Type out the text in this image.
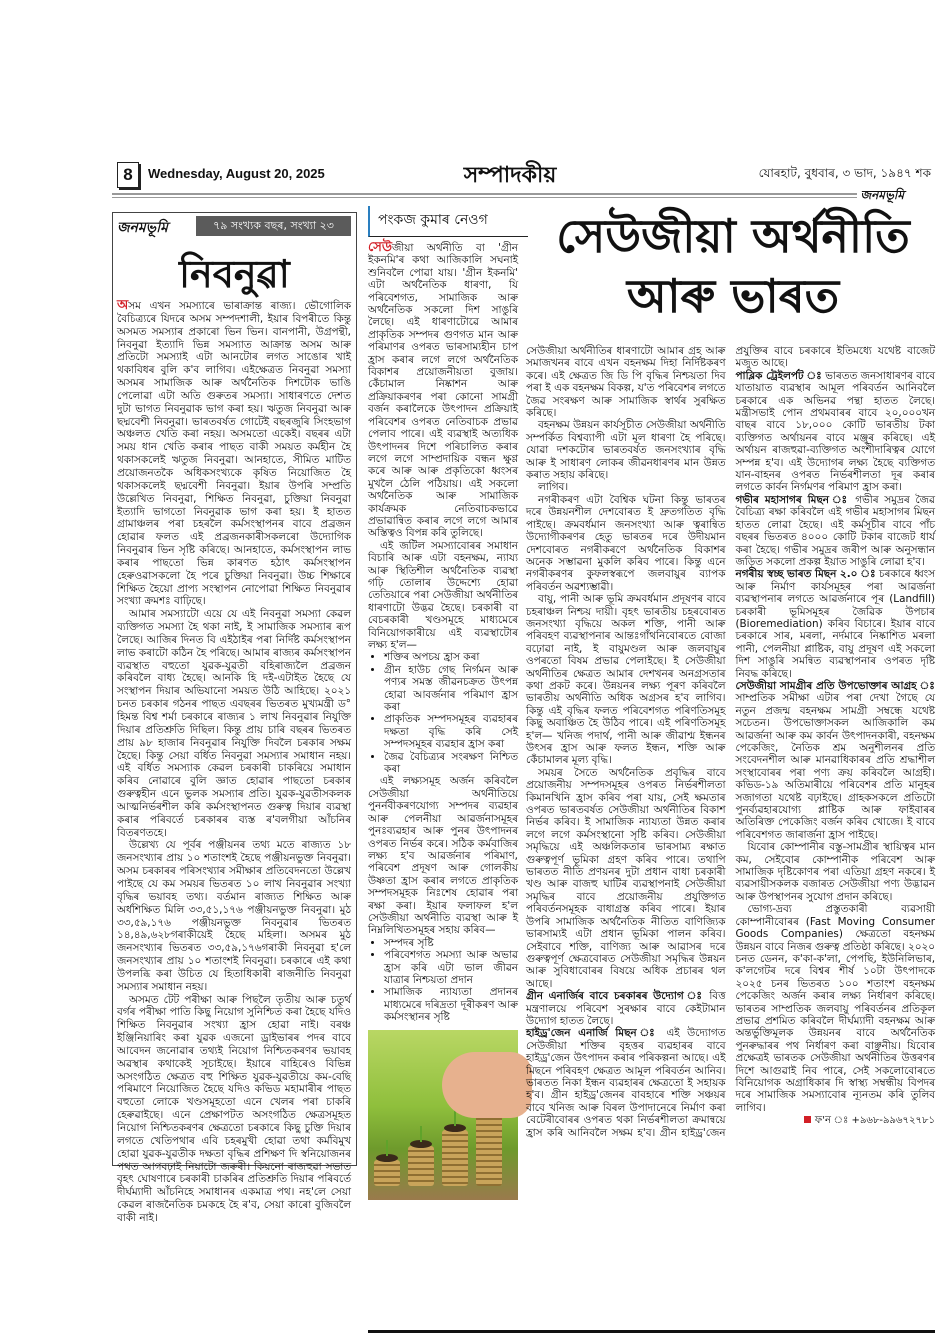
8	Wednesday, August 20, 2025	সম্পাদকীয়	যোৰহাট, বুধবাৰ, ৩ ভাদ, ১৯৪৭ শক
জনমভূমি
জনমভূমি	৭৯ সংখ্যক বছৰ, সংখ্যা ২৩
নিবনুৱা

অসম এখন সমস্যাৰে ভাৰাক্ৰান্ত ৰাজ্য। ভৌগোলিক বৈচিত্ৰ্যৰে যিদৰে অসম সম্পদশালী, ইয়াৰ বিপৰীতে কিন্তু অসমত সমস্যাৰ প্ৰকাৰো ভিন ভিন। বানপানী, উগ্ৰপন্থী, নিবনুৱা ইত্যাদি ভিন্ন সমস্যাত আক্ৰান্ত অসম আৰু প্ৰতিটো সমস্যাই এটা আনটোৰ লগত সাঙোৰ খাই থকাবিধৰ বুলি ক'ব লাগিব। এইক্ষেত্ৰত নিবনুৱা সমস্যা অসমৰ সামাজিক আৰু অৰ্থনৈতিক দিশটোক ভাঙি পেলোৱা এটা অতি গুৰুতৰ সমস্যা। সাধাৰণতে দেশত দুটা ভাগত নিবনুৱাক ভাগ কৰা হয়। ঋতুজ নিবনুৱা আৰু ছদ্মবেশী নিবনুৱা। ভাৰতবৰ্ষত গোটেই বছৰজুৰি সিংহভাগ অঞ্চলত খেতি কৰা নহয়। অসমতো একেই। বছৰৰ এটা সময় ধান খেতি কৰাৰ পাছত বাকী সময়ত কৰ্মহীন হৈ থকাসকলেই ঋতুজ নিবনুৱা। আনহাতে, সীমিত মাটিত প্ৰয়োজনতকৈ অধিকসংখ্যকে কৃষিত নিয়োজিত হৈ থকাসকলেই ছদ্মবেশী নিবনুৱা। ইয়াৰ উপৰি সম্প্ৰতি উল্লেখিত নিবনুৱা, শিক্ষিত নিবনুৱা, চুক্তিয়া নিবনুৱা ইত্যাদি ভাগতো নিবনুৱাক ভাগ কৰা হয়। ই হাতত গ্ৰামাঞ্চলৰ পৰা চহৰলৈ কৰ্মসংস্থাপনৰ বাবে প্ৰব্ৰজন হোৱাৰ ফলত এই প্ৰব্ৰজনকাৰীসকলৰো উদ্যোগিক নিবনুৱাৰ ভিন সৃষ্টি কৰিছে। আনহাতে, কৰ্মসংস্থাপন লাভ কৰাৰ পাছতো ভিন্ন কাৰণত হঠাৎ কৰ্মসংস্থাপন হেৰুওৱাসকলো হৈ পৰে চুক্তিয়া নিবনুৱা। উচ্চ শিক্ষাৰে শিক্ষিত হৈয়ো প্ৰাপ্য সংস্থাপন নোপোৱা শিক্ষিত নিবনুৱাৰ সংখ্যা ক্ৰমশঃ বাঢ়িছে।

আমাৰ সমস্যাটো এয়ে যে এই নিবনুৱা সমস্যা কেৱল ব্যক্তিগত সমস্যা হৈ থকা নাই, ই সামাজিক সমস্যাৰ ৰূপ লৈছে। আজিৰ দিনত বি এইঠাইৰ পৰা নিৰ্দিষ্ট কৰ্মসংস্থাপন লাভ কৰাটো কঠিন হৈ পৰিছে। আমাৰ ৰাজ্যৰ কৰ্মসংস্থাপন ব্যৱস্থাত বহুতো যুৱক-যুৱতী বহিৰাজ্যলৈ প্ৰব্ৰজন কৰিবলৈ বাধ্য হৈছে। আনকি হি দই-এটাইত হৈছে যে সংস্থাপন দিয়াৰ অভিযানো সময়ত উঠি আহিছে। ২০২১ চনত চৰকাৰ গঠনৰ পাছত এবছৰৰ ভিতৰত মুখ্যমন্ত্ৰী ড° হিমন্ত বিশ্ব শৰ্মা চৰকাৰে ৰাজ্যৰ ১ লাখ নিবনুৱাৰ নিযুক্তি দিয়াৰ প্ৰতিশ্ৰুতি দিছিল। কিন্তু প্ৰায় চাৰি বছৰৰ ভিতৰত প্ৰায় ৯৮ হাজাৰ নিবনুৱাৰ নিযুক্তি দিবলৈ চৰকাৰ সক্ষম হৈছে। কিন্তু সেয়া বৰ্ধিত নিবনুৱা সমস্যাৰ সমাধান নহয়। এই বৰ্ধিত সমস্যাক কেৱল চৰকাৰী চাকৰিয়ে সমাধান কৰিব নোৱাৰে বুলি জ্ঞাত হোৱাৰ পাছতো চৰকাৰ গুৰুত্বহীন এনে ভুলক সমস্যাৰ প্ৰতি। যুৱক-যুৱতীসকলক আত্মনিৰ্ভৰশীল কৰি কৰ্মসংস্থাপনত গুৰুত্ব দিয়াৰ ব্যৱস্থা কৰাৰ পৰিবৰ্তে চৰকাৰৰ ব্যস্ত ৰ'বলগীয়া আঁচনিৰ বিতৰণতহে।

উল্লেখ্য যে পূৰ্বৰ পঞ্জীয়নৰ তথ্য মতে ৰাজ্যত ১৮ জনসংখ্যাৰ প্ৰায় ১০ শতাংশই হৈছে পঞ্জীয়নভুক্ত নিবনুৱা। অসম চৰকাৰৰ পৰিসংখ্যাৰ সমীক্ষাৰ প্ৰতিবেদনতো উল্লেখ পাইছে যে কম সময়ৰ ভিতৰত ১০ লাখ নিবনুৱাৰ সংখ্যা বৃদ্ধিৰ ভয়াবহ তথ্য। বৰ্তমান ৰাজ্যত শিক্ষিত আৰু অৰ্ধশিক্ষিত মিলি ৩৩,৫১,১৭৬ পঞ্জীয়নভুক্ত নিবনুৱা। মুঠ ৩৩,৫৯,১৭৬ পঞ্জীয়নভুক্ত নিবনুৱাৰ ভিতৰত ১৪,৪৯,৬২৮গৰাকীয়েই হৈছে মহিলা। অসমৰ মুঠ জনসংখ্যাৰ ভিতৰত ৩৩,৫৯,১৭৬গৰাকী নিবনুৱা হ'লে জনসংখ্যাৰ প্ৰায় ১০ শতাংশই নিবনুৱা। চৰকাৰে এই কথা উপলব্ধি কৰা উচিত যে হিতাধিকাৰী ৰাজনীতি নিবনুৱা সমস্যাৰ সমাধান নহয়।

অসমত টেট পৰীক্ষা আৰু পিছলৈ তৃতীয় আৰু চতুৰ্থ বৰ্গৰ পৰীক্ষা পাতি কিছু নিয়োগ সুনিশ্চিত কৰা হৈছে যদিও শিক্ষিত নিবনুৱাৰ সংখ্যা হ্ৰাস হোৱা নাই। বৰঞ্চ ইঞ্জিনিয়াৰিং কৰা যুৱক এজনো ড্ৰাইভাৰৰ পদৰ বাবে আবেদন জনোৱাৰ তথ্যই নিয়োগ নিশ্চিতকৰণৰ ভয়াবহ অৱস্থাৰ কথাকেই সূচাইছে। ইয়াৰে বাহিৰেও বিভিন্ন অসংগঠিত ক্ষেত্ৰত বহু শিক্ষিত যুৱক-যুৱতীয়ে কম-বেছি পৰিমাণে নিয়োজিত হৈছে যদিও কভিড মহামাৰীৰ পাছত বহুতো লোকে খণ্ডসমূহতো এনে খেলৰ পৰা চাকৰি হেৰুৱাইছে। এনে প্ৰেক্ষাপটত অসংগঠিত ক্ষেত্ৰসমূহত নিয়োগ নিশ্চিতকৰণৰ ক্ষেত্ৰতো চৰকাৰে কিছু চুক্তি দিয়াৰ লগতে খেতিপথাৰ এবি চহৰমুখী হোৱা তথা কৰ্মবিমুখ হোৱা যুৱক-যুৱতীক দক্ষতা বৃদ্ধিৰ প্ৰশিক্ষণ দি স্বনিয়োজনৰ পথত আগবঢ়াই নিয়াটো জৰুৰী। কিয়নো ৰাজহুৱা সভাত বৃহৎ ঘোষণাৰে চৰকাৰী চাকৰিৰ প্ৰতিশ্ৰুতি দিয়াৰ পৰিবৰ্তে দীৰ্ঘম্যাদী আঁচনিহে সমাধানৰ একমাত্ৰ পথ। নহ'লে সেয়া কেৱল ৰাজনৈতিক চমকহে হৈ ৰ'ব, সেয়া কাৰো বুজিবলৈ বাকী নাই।

পংকজ কুমাৰ নেওগ	সেউজীয়া অৰ্থনীতি
আৰু ভাৰত

সেউজীয়া অৰ্থনীতি বা 'গ্ৰীন ইকনমি'ৰ কথা আজিকালি সঘনাই শুনিবলৈ পোৱা যায়। 'গ্ৰীন ইকনমি' এটা অৰ্থনৈতিক ধাৰণা, যি পৰিবেশগত, সামাজিক আৰু অৰ্থনৈতিক সকলো দিশ সাঙুৰি লৈছে। এই ধাৰণাটোৱে আমাৰ প্ৰাকৃতিক সম্পদৰ গুণগত মান আৰু পৰিমাণৰ ওপৰত ভাৰসাম্যহীন চাপ হ্ৰাস কৰাৰ লগে লগে অৰ্থনৈতিক বিকাশৰ প্ৰয়োজনীয়তা বুজায়। কেঁচামাল নিষ্কাশন আৰু প্ৰক্ৰিয়াকৰণৰ পৰা কোনো সামগ্ৰী বৰ্জন কৰালৈকে উৎপাদন প্ৰক্ৰিয়াই পৰিবেশৰ ওপৰত নেতিবাচক প্ৰভাৱ পেলাব পাৰে। এই ব্যৱস্থাই অত্যধিক উৎপাদনৰ দিশে পৰিচালিত কৰাৰ লগে লগে সাম্প্ৰদায়িক বন্ধন ক্ষুণ্ণ কৰে আৰু আৰু প্ৰকৃতিকো ধ্বংসৰ মুখলৈ ঠেলি পঠিয়ায়। এই সকলো অৰ্থনৈতিক আৰু সামাজিক কাৰ্যক্ৰমক নেতিবাচকভাৱে প্ৰভাৱান্বিত কৰাৰ লগে লগে আমাৰ অস্তিত্বও বিপন্ন কৰি তুলিছে।

এই জটিল সমস্যাবোৰৰ সমাধান বিচাৰি আৰু এটা বহনক্ষম, ন্যায্য আৰু স্থিতিশীল অৰ্থনৈতিক ব্যৱস্থা গঢ়ি তোলাৰ উদ্দেশ্যে হোৱা তেতিয়াৰে পৰা সেউজীয়া অৰ্থনীতিৰ ধাৰণাটো উদ্ভৱ হৈছে। চৰকাৰী বা বেচৰকাৰী খণ্ডসমূহে মাধ্যমেৰে বিনিয়োগকাৰীয়ে এই ব্যৱস্থাটোৰ লক্ষ্য হ'ল—

• শক্তিৰ অপচয় হ্ৰাস কৰা
• গ্ৰীন হাউচ গেছ নিৰ্গমন আৰু পণ্যৰ সমস্ত জীৱনচক্ৰত উৎপন্ন হোৱা আবৰ্জনাৰ পৰিমাণ হ্ৰাস কৰা
• প্ৰাকৃতিক সম্পদসমূহৰ ব্যৱহাৰৰ দক্ষতা বৃদ্ধি কৰি সেই সম্পদসমূহৰ ব্যৱহাৰ হ্ৰাস কৰা
• জৈৱ বৈচিত্ৰ্যৰ সংৰক্ষণ নিশ্চিত কৰা

এই লক্ষ্যসমূহ অৰ্জন কৰিবলৈ সেউজীয়া অৰ্থনীতিয়ে পুনৰ্নবীকৰণযোগ্য সম্পদৰ ব্যৱহাৰ আৰু পেলনীয়া আৱৰ্জনাসমূহৰ পুনঃব্যৱহাৰ আৰু পুনৰ উৎপাদনৰ ওপৰত নিৰ্ভৰ কৰে। সঠিক কৰ্মবাজিৰ লক্ষ্য হ'ব আৱৰ্জনাৰ পৰিমাণ, পৰিবেশ প্ৰদূষণ আৰু গোলকীয় উষ্ণতা হ্ৰাস কৰাৰ লগতে প্ৰাকৃতিক সম্পদসমূহক নিঃশেষ হোৱাৰ পৰা ৰক্ষা কৰা। ইয়াৰ ফলাফল হ'ল সেউজীয়া অৰ্থনীতি ব্যৱস্থা আৰু ই নিম্নলিখিতসমূহৰ সহায় কৰিব—

• সম্পদৰ সৃষ্টি
• পৰিবেশগত সমস্যা আৰু অভাৱ হ্ৰাস কৰি এটা ভাল জীৱন যাত্ৰাৰ নিশ্চয়তা প্ৰদান
• সামাজিক ন্যায্যতা প্ৰদানৰ মাধ্যমেৰে দৰিদ্ৰতা দূৰীকৰণ আৰু কৰ্মসংস্থানৰ সৃষ্টি

সেউজীয়া অৰ্থনীতিৰ ধাৰণাটো আমাৰ গ্ৰহ আৰু সমাজখনৰ বাবে এখন বহনক্ষম দিহা নিৰ্দিষ্টকৰণ কৰে। এই ক্ষেত্ৰত জি ডি পি বৃদ্ধিৰ নিশ্চয়তা দিব পৰা ই এক বহনক্ষম বিকল্প, য'ত পৰিবেশৰ লগতে জৈৱ সংৰক্ষণ আৰু সামাজিক স্বাৰ্থৰ সুৰক্ষিত কৰিছে।

বহনক্ষম উন্নয়ন কাৰ্যসূচীত সেউজীয়া অৰ্থনীতি সম্পৰ্কিত বিশ্বব্যাপী এটা মূল ধাৰণা হৈ পৰিছে। যোৱা দশকটোৰ ভাৰতবৰ্ষত জনসংখ্যাৰ বৃদ্ধি আৰু ই সাধাৰণ লোকৰ জীৱনধাৰণৰ মান উন্নত কৰাত সহায় কৰিছে।

লাগিব।

নগৰীকৰণ এটা বৈশ্বিক ঘটনা কিন্তু ভাৰতৰ দৰে উন্নয়নশীল দেশবোৰত ই দ্ৰুতগতিত বৃদ্ধি পাইছে। ক্ৰমবৰ্ধমান জনসংখ্যা আৰু ত্বৰান্বিত উদ্যোগীকৰণৰ হেতু ভাৰতৰ দৰে উদীয়মান দেশবোৰত নগৰীকৰণে অৰ্থনৈতিক বিকাশৰ অনেক সম্ভাৱনা মুকলি কৰিব পাৰে। কিন্তু এনে নগৰীকৰণৰ কুফলস্বৰূপে জলবায়ুৰ ব্যাপক পৰিবৰ্তন অৱশ্যম্ভাৱী।

বায়ু, পানী আৰু ভূমি ক্ৰমবৰ্ধমান প্ৰদূষণৰ বাবে চহৰাঞ্চল নিশ্চয় দায়ী। বৃহৎ ভাৰতীয় চহৰবোৰত জনসংখ্যা বৃদ্ধিয়ে অকল শক্তি, পানী আৰু পৰিবহণ ব্যৱস্থাপনাৰ আন্তঃগাঁথনিবোৰতে বোজা বঢ়োৱা নাই, ই বায়ুমণ্ডল আৰু জলবায়ুৰ ওপৰতো বিষম প্ৰভাৱ পেলাইছে। ই সেউজীয়া অৰ্থনীতিৰ ক্ষেত্ৰত আমাৰ দেশখনৰ অনগ্ৰসতাৰ কথা প্ৰকট কৰে। উন্নয়নৰ লক্ষ্য পূৰণ কৰিবলৈ ভাৰতীয় অৰ্থনীতি অধিক অগ্ৰসৰ হ'ব লাগিব। কিন্তু এই বৃদ্ধিৰ ফলত পৰিবেশগত পৰিণতিসমূহ কিছু অবাঞ্চিত হৈ উঠিব পাৰে। এই পৰিণতিসমূহ হ'ল— খনিজ পদাৰ্থ, পানী আৰু জীৱাশ্ম ইন্ধনৰ উৎসৰ হ্ৰাস আৰু ফলত ইন্ধন, শক্তি আৰু কেঁচামালৰ মূল্য বৃদ্ধি।

সময়ৰ সৈতে অৰ্থনৈতিক প্ৰবৃদ্ধিৰ বাবে প্ৰয়োজনীয় সম্পদসমূহৰ ওপৰত নিৰ্ভৰশীলতা কিমানখিনি হ্ৰাস কৰিব পৰা যায়, সেই ক্ষমতাৰ ওপৰত ভাৰতবৰ্ষত সেউজীয়া অৰ্থনীতিৰ বিকাশ নিৰ্ভৰ কৰিব। ই সামাজিক ন্যায্যতা উন্নত কৰাৰ লগে লগে কৰ্মসংস্থানো সৃষ্টি কৰিব। সেউজীয়া সমৃদ্ধিয়ে এই অঞ্চলিকতাৰ ভাৰসাম্য ৰক্ষাত গুৰুত্বপূৰ্ণ ভূমিকা গ্ৰহণ কৰিব পাৰে। তথাপি ভাৰতত নীতি প্ৰণয়নৰ দুটা প্ৰধান বাধা চৰকাৰী খণ্ড আৰু বাজহু ঘাটিৰ ব্যৱস্থাপনাই সেউজীয়া সমৃদ্ধিৰ বাবে প্ৰয়োজনীয় প্ৰযুক্তিগত পৰিবৰ্তনসমূহক বাধাগ্ৰস্ত কৰিব পাৰে। ইয়াৰ উপৰি সামাজিক অৰ্থনৈতিক নীতিত বাণিজ্যিক ভাৰসাম্যই এটা প্ৰধান ভূমিকা পালন কৰিব। সেইবাবে শক্তি, বাণিজ্য আৰু আৱাসৰ দৰে গুৰুত্বপূৰ্ণ ক্ষেত্ৰবোৰত সেউজীয়া সমৃদ্ধিৰ উন্নয়ন আৰু সুবিধাবোৰৰ বিষয়ে অধিক প্ৰচাৰৰ থল আছে।

গ্ৰীন এনাৰ্জিৰ বাবে চৰকাৰৰ উদ্যোগ ঃ বিত্ত মন্ত্ৰণালয়ে পৰিবেশ সুৰক্ষাৰ বাবে কেইটামান উদ্যোগ হাতত লৈছে।

হাইড্ৰ'জেন এনাৰ্জি মিছন ঃ এই উদ্যোগত সেউজীয়া শক্তিৰ বৃহত্তৰ ব্যৱহাৰৰ বাবে হাইড্ৰ'জেন উৎপাদন কৰাৰ পৰিকল্পনা আছে। এই মিছনে পৰিবহণ ক্ষেত্ৰত আমূল পৰিবৰ্তন আনিব। ভাৰতত নিকা ইন্ধন ব্যৱহাৰৰ ক্ষেত্ৰতো ই সহায়ক হ'ব। গ্ৰীন হাইড্ৰ'জেনৰ বাবহাৰে শক্তি সঞ্চয়ৰ বাবে খনিজ আৰু বিৰল উপাদানেৰে নিৰ্মাণ কৰা বেটেৰীবোৰৰ ওপৰত থকা নিৰ্ভৰশীলতা ক্ৰমান্বয়ে হ্ৰাস কৰি আনিবলৈ সক্ষম হ'ব। গ্ৰীন হাইড্ৰ'জেন প্ৰযুক্তিৰ বাবে চৰকাৰে ইতিমধ্যে যথেষ্ট বাজেট মজুত আছে।

পাব্লিক ট্ৰেইলৰ্পট ঃ ভাৰতত জনসাধাৰণৰ বাবে যাতায়াত ব্যৱস্থাৰ আমূল পৰিবৰ্তন আনিবলৈ চৰকাৰে এক অভিনৱ পন্থা হাতত লৈছে। মন্ত্ৰীসভাই পোন প্ৰথমবাৰৰ বাবে ২০,০০০খন বাছৰ বাবে ১৮,০০০ কোটি ভাৰতীয় টকা ব্যক্তিগত অৰ্থায়নৰ বাবে মঞ্জুৰ কৰিছে। এই অৰ্থায়ন ৰাজহুৱা-ব্যক্তিগত অংশীদাৰিত্বৰ যোগে সম্পন্ন হ'ব। এই উদ্যোগৰ লক্ষ্য হৈছে ব্যক্তিগত যান-বাহনৰ ওপৰত নিৰ্ভৰশীলতা দূৰ কৰাৰ লগতে কাৰ্বন নিৰ্গমণৰ পৰিমাণ হ্ৰাস কৰা।

গভীৰ মহাসাগৰ মিছন ঃ গভীৰ সমুদ্ৰৰ জৈৱ বৈচিত্ৰ্য ৰক্ষা কৰিবলৈ এই গভীৰ মহাসাগৰ মিছন হাতত লোৱা হৈছে। এই কৰ্মসূচীৰ বাবে পাঁচ বছৰৰ ভিতৰত ৪০০০ কোটি টকাৰ বাজেট ধাৰ্য কৰা হৈছে। গভীৰ সমুদ্ৰৰ জৰীপ আৰু অনুসন্ধান জড়িত সকলো প্ৰকল্প ইয়াত সাঙুৰি লোৱা হ'ব।

নগৰীয় স্বচ্ছ ভাৰত মিছন ২.০ ঃ চৰকাৰে ধ্বংস আৰু নিৰ্মাণ কাৰ্যসমূহৰ পৰা আৱৰ্জনা ব্যৱস্থাপনাৰ লগতে আৱৰ্জনাৰে পূৰ (Landfill) চৰকাৰী ভূমিসমূহৰ জৈৱিক উপচাৰ (Bioremediation) কৰিব বিচাৰে। ইয়াৰ বাবে চৰকাৰে সাৰ, মৰলা, নৰ্দমাৰে নিষ্কাশিত মৰলা পানী, পেলনীয়া প্লাষ্টিক, বায়ু প্ৰদূষণ এই সকলো দিশ সাঙুৰি সমন্বিত ব্যৱস্থাপনাৰ ওপৰত দৃষ্টি নিবদ্ধ কৰিছে।

সেউজীয়া সামগ্ৰীৰ প্ৰতি উপভোক্তাৰ আগ্ৰহ ঃ সাম্প্ৰতিক সমীক্ষা এটাৰ পৰা দেখা গৈছে যে নতুন প্ৰজন্ম বহনক্ষম সামগ্ৰী সম্বন্ধে যথেষ্ট সচেতন। উপভোক্তাসকল আজিকালি কম আৱৰ্জনা আৰু কম কাৰ্বন উৎপাদনকাৰী, বহনক্ষম পেকেজিং, নৈতিক শ্ৰম অনুশীলনৰ প্ৰতি সংবেদনশীল আৰু মানৱাধিকাৰৰ প্ৰতি শ্ৰদ্ধাশীল সংস্থাবোৰৰ পৰা পণ্য ক্ৰয় কৰিবলৈ আগ্ৰহী। কভিড-১৯ অতিমাৰীয়ে পৰিবেশৰ প্ৰতি মানুহৰ সজাগতা যথেষ্ট বঢ়াইছে। গ্ৰাহকসকলে প্ৰতিটো পুনৰ্ব্যৱহাৰযোগ্য প্লাষ্টিক আৰু ফাইবাৰৰ অতিৰিক্ত পেকেজিং বৰ্জন কৰিব খোজে। ই বাবে পৰিবেশগত জাৰাৰ্জনা হ্ৰাস পাইছে।

যিবোৰ কোম্পানীৰ বস্তু-সামগ্ৰীৰ স্থায়িত্বৰ মান কম, সেইবোৰ কোম্পানীক পৰিবেশ আৰু সামাজিক দৃষ্টিকোণৰ পৰা এতিয়া গ্ৰহণ নকৰে। ই ব্যৱসায়ীসকলক বজাৰত সেউজীয়া পণ্য উদ্ভাৱন আৰু উপস্থাপনৰ সুযোগ প্ৰদান কৰিছে।

ভোগ্য-দ্ৰব্য প্ৰস্তুতকাৰী ব্যৱসায়ী কোম্পানীবোৰৰ (Fast Moving Consumer Goods Companies) ক্ষেত্ৰতো বহনক্ষম উন্নয়ন বাবে নিজৰ গুৰুত্ব প্ৰতিষ্ঠা কৰিছে। ২০২০ চনত ডেনন, ক'কা-ক'লা, পেপছি, ইউনিলিভাৰ, ক'লগেটৰ দৰে বিশ্বৰ শীৰ্ষ ১০টা উৎপাদকে ২০২৫ চনৰ ভিতৰত ১০০ শতাংশ বহনক্ষম পেকেজিং অৰ্জন কৰাৰ লক্ষ্য নিৰ্ধাৰণ কৰিছে। ভাৰতৰ সাম্প্ৰতিক জলবায়ু পৰিবৰ্তনৰ প্ৰতিকূল প্ৰভাৱ প্ৰশমিত কৰিবলৈ দীৰ্ঘম্যাদী বহনক্ষম আৰু অন্তৰ্ভুক্তিমূলক উন্নয়নৰ বাবে অৰ্থনৈতিক পুনৰুদ্ধাৰৰ পথ নিৰ্ধাৰণ কৰা বাঞ্ছনীয়। যিবোৰ প্ৰক্ষেত্ৰই ভাৰতক সেউজীয়া অৰ্থনীতিৰ উত্তৰণৰ দিশে আগুৱাই নিব পাৰে, সেই সকলোবোৰতে বিনিয়োগক অগ্ৰাধিকাৰ দি স্বাস্থ্য সম্বন্ধীয় বিপদৰ দৰে সামাজিক সমস্যাবোৰ ন্যূনতম কৰি তুলিব লাগিব।

ফ'ন ঃ +৯৬৮-৯৯৬৭২৭৮১
